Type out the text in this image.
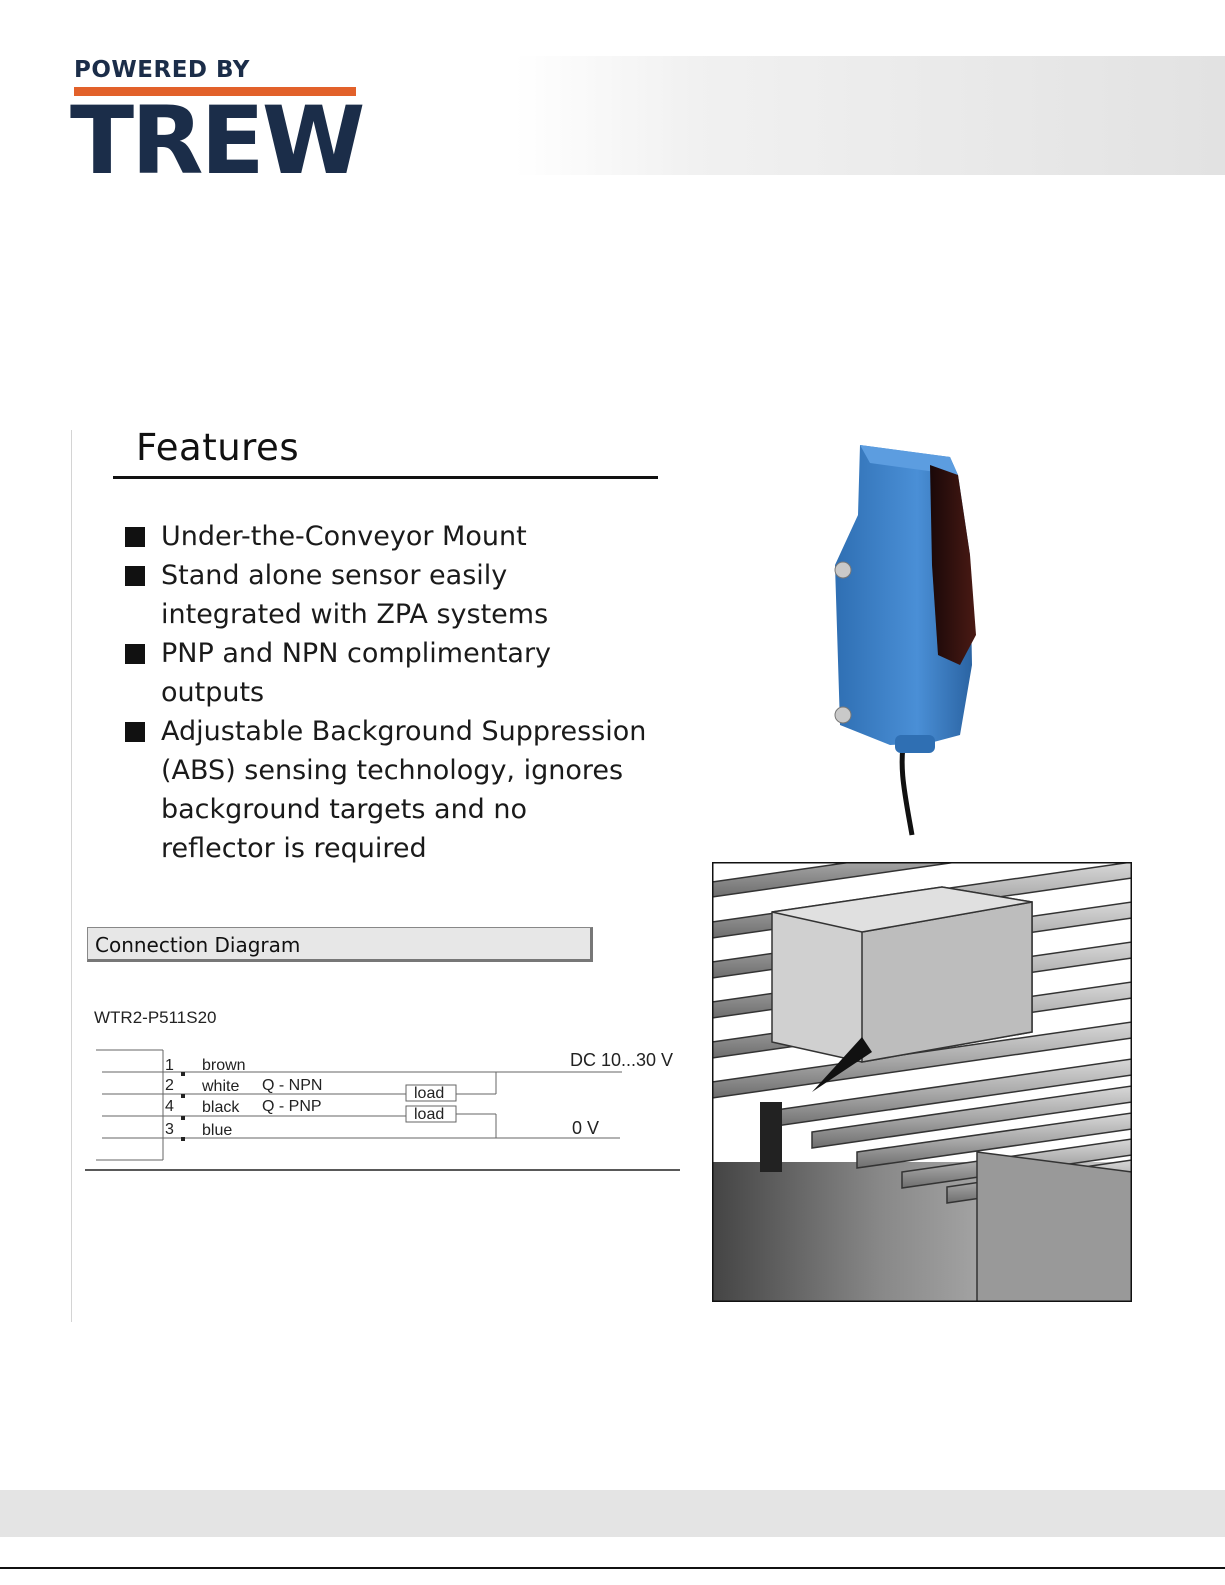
POWERED BY
TREW
Features
Under-the-Conveyor Mount
Stand alone sensor easily
integrated with ZPA systems
PNP and NPN complimentary
outputs
Adjustable Background Suppression
(ABS) sensing technology, ignores
background targets and no
reflector is required
Connection Diagram
WTR2-P511S20
1
2
4
3
brown
white
black
blue
Q - NPN
Q - PNP
load
load
DC 10...30 V
0 V
